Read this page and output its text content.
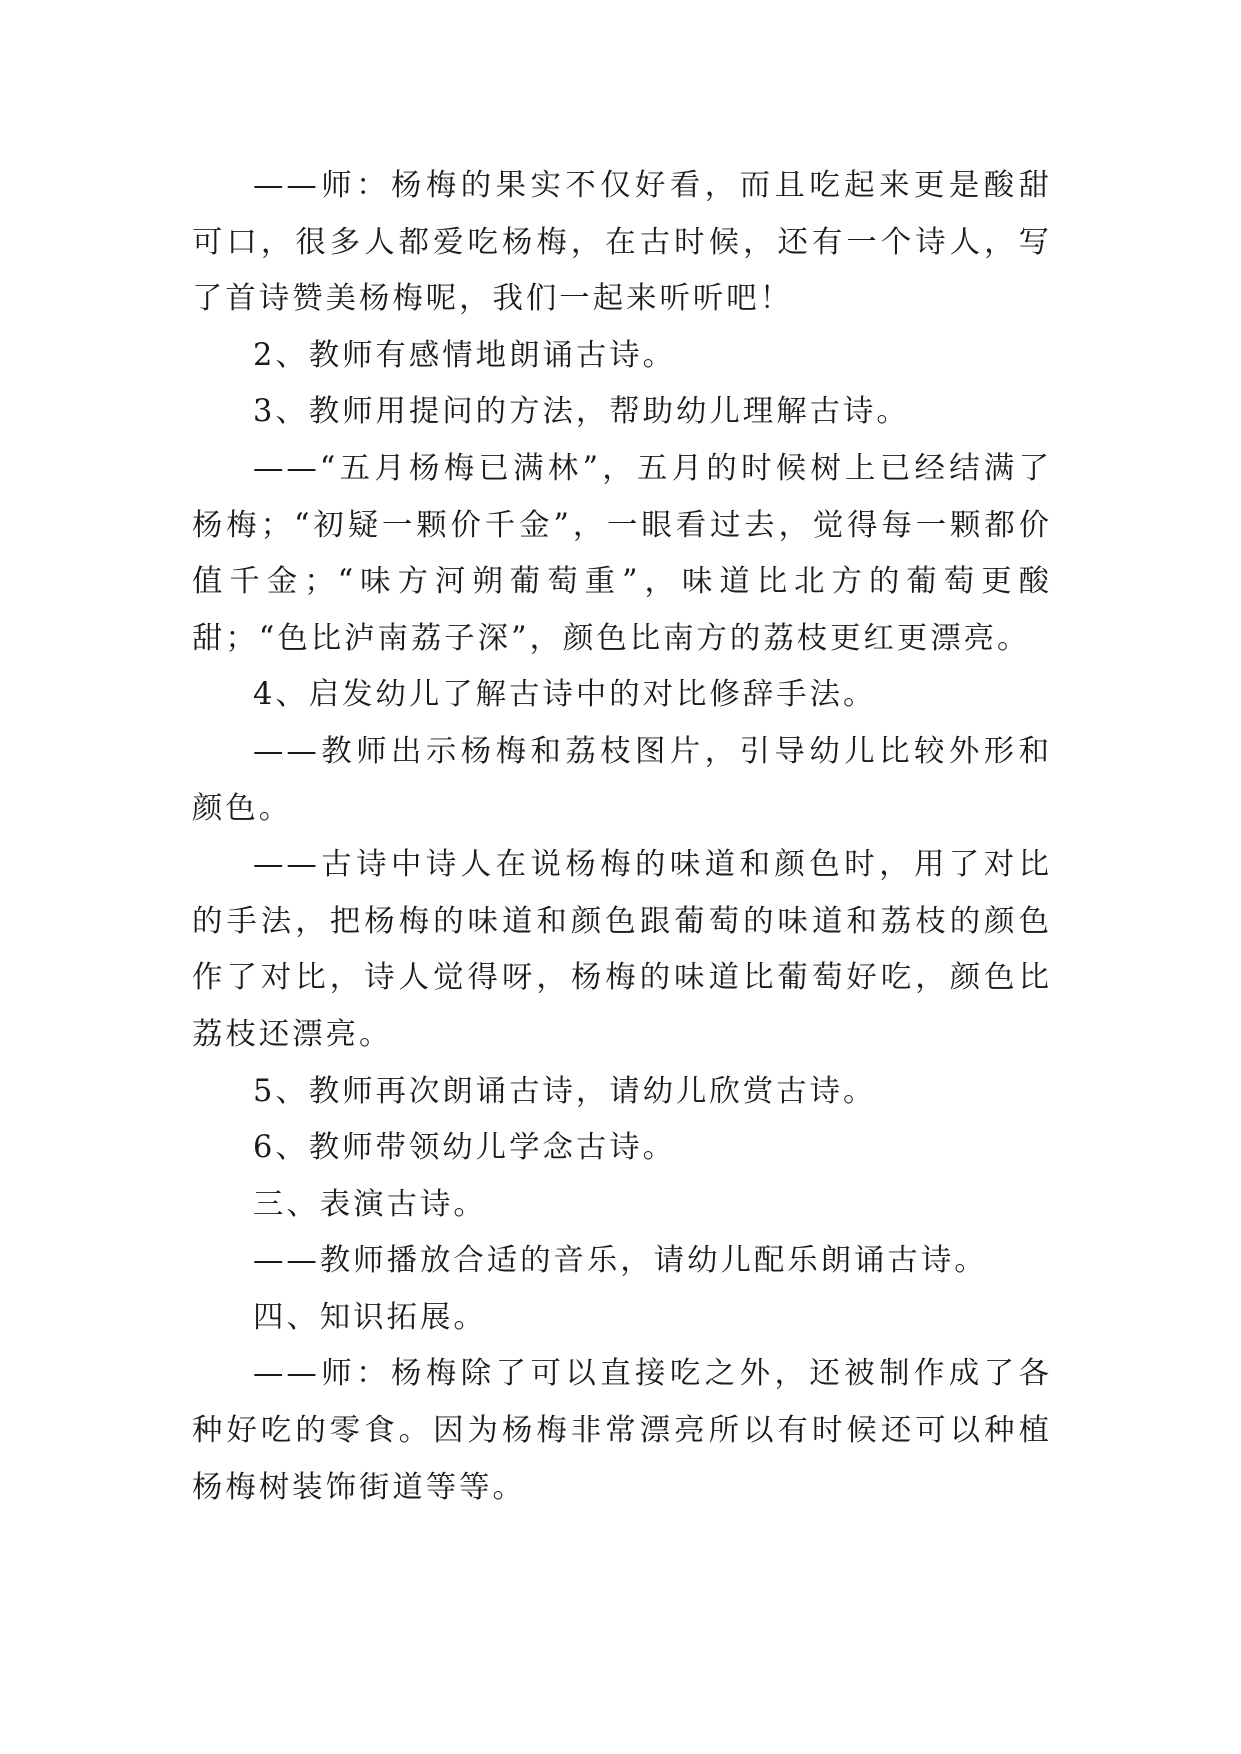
——师：杨梅的果实不仅好看，而且吃起来更是酸甜可口，很多人都爱吃杨梅，在古时候，还有一个诗人，写了首诗赞美杨梅呢，我们一起来听听吧！

2、教师有感情地朗诵古诗。

3、教师用提问的方法，帮助幼儿理解古诗。

——“五月杨梅已满林”，五月的时候树上已经结满了杨梅；“初疑一颗价千金”，一眼看过去，觉得每一颗都价值千金；“味方河朔葡萄重”，味道比北方的葡萄更酸甜；“色比泸南荔子深”，颜色比南方的荔枝更红更漂亮。

4、启发幼儿了解古诗中的对比修辞手法。

——教师出示杨梅和荔枝图片，引导幼儿比较外形和颜色。

——古诗中诗人在说杨梅的味道和颜色时，用了对比的手法，把杨梅的味道和颜色跟葡萄的味道和荔枝的颜色作了对比，诗人觉得呀，杨梅的味道比葡萄好吃，颜色比荔枝还漂亮。

5、教师再次朗诵古诗，请幼儿欣赏古诗。

6、教师带领幼儿学念古诗。

三、表演古诗。

——教师播放合适的音乐，请幼儿配乐朗诵古诗。

四、知识拓展。

——师：杨梅除了可以直接吃之外，还被制作成了各种好吃的零食。因为杨梅非常漂亮所以有时候还可以种植杨梅树装饰街道等等。
